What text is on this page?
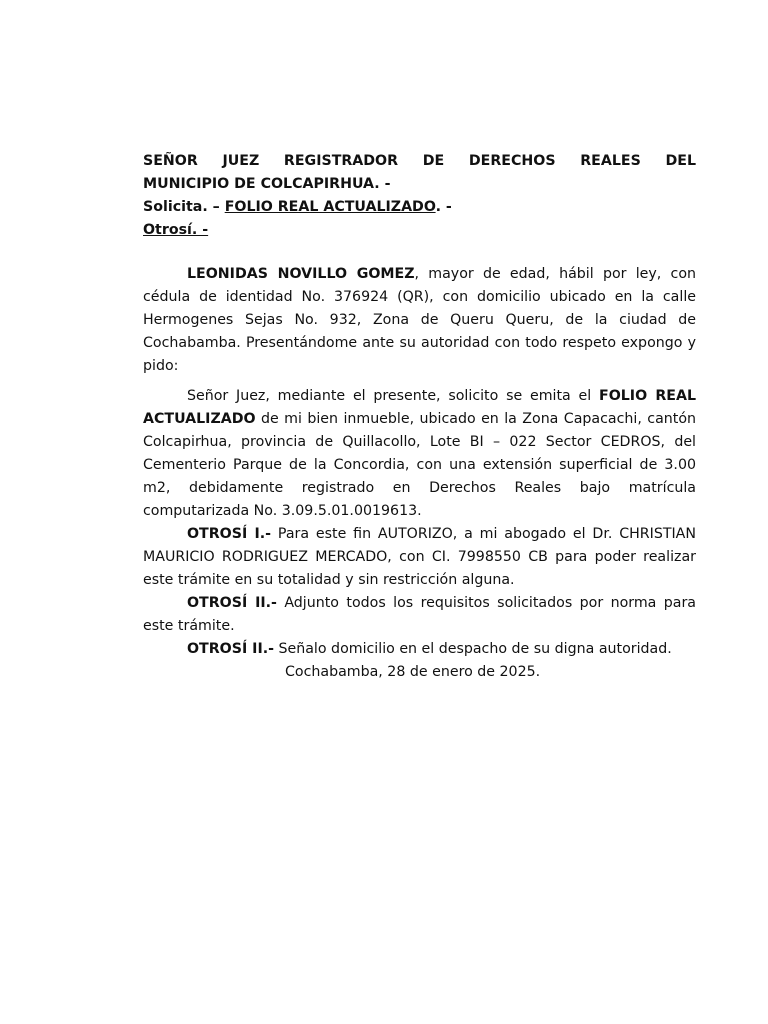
SEÑOR JUEZ REGISTRADOR DE DERECHOS REALES DEL

MUNICIPIO DE COLCAPIRHUA. -

Solicita. – FOLIO REAL ACTUALIZADO. -

Otrosí. -

LEONIDAS NOVILLO GOMEZ, mayor de edad, hábil por ley, con cédula de identidad No. 376924 (QR), con domicilio ubicado en la calle Hermogenes Sejas No. 932, Zona de Queru Queru, de la ciudad de Cochabamba. Presentándome ante su autoridad con todo respeto expongo y pido:

Señor Juez, mediante el presente, solicito se emita el FOLIO REAL ACTUALIZADO de mi bien inmueble, ubicado en la Zona Capacachi, cantón Colcapirhua, provincia de Quillacollo, Lote BI – 022 Sector CEDROS, del Cementerio Parque de la Concordia, con una extensión superficial de 3.00 m2, debidamente registrado en Derechos Reales bajo matrícula computarizada No. 3.09.5.01.0019613.

OTROSÍ I.- Para este fin AUTORIZO, a mi abogado el Dr. CHRISTIAN MAURICIO RODRIGUEZ MERCADO, con CI. 7998550 CB para poder realizar este trámite en su totalidad y sin restricción alguna.

OTROSÍ II.- Adjunto todos los requisitos solicitados por norma para este trámite.

OTROSÍ II.- Señalo domicilio en el despacho de su digna autoridad.

Cochabamba, 28 de enero de 2025.
